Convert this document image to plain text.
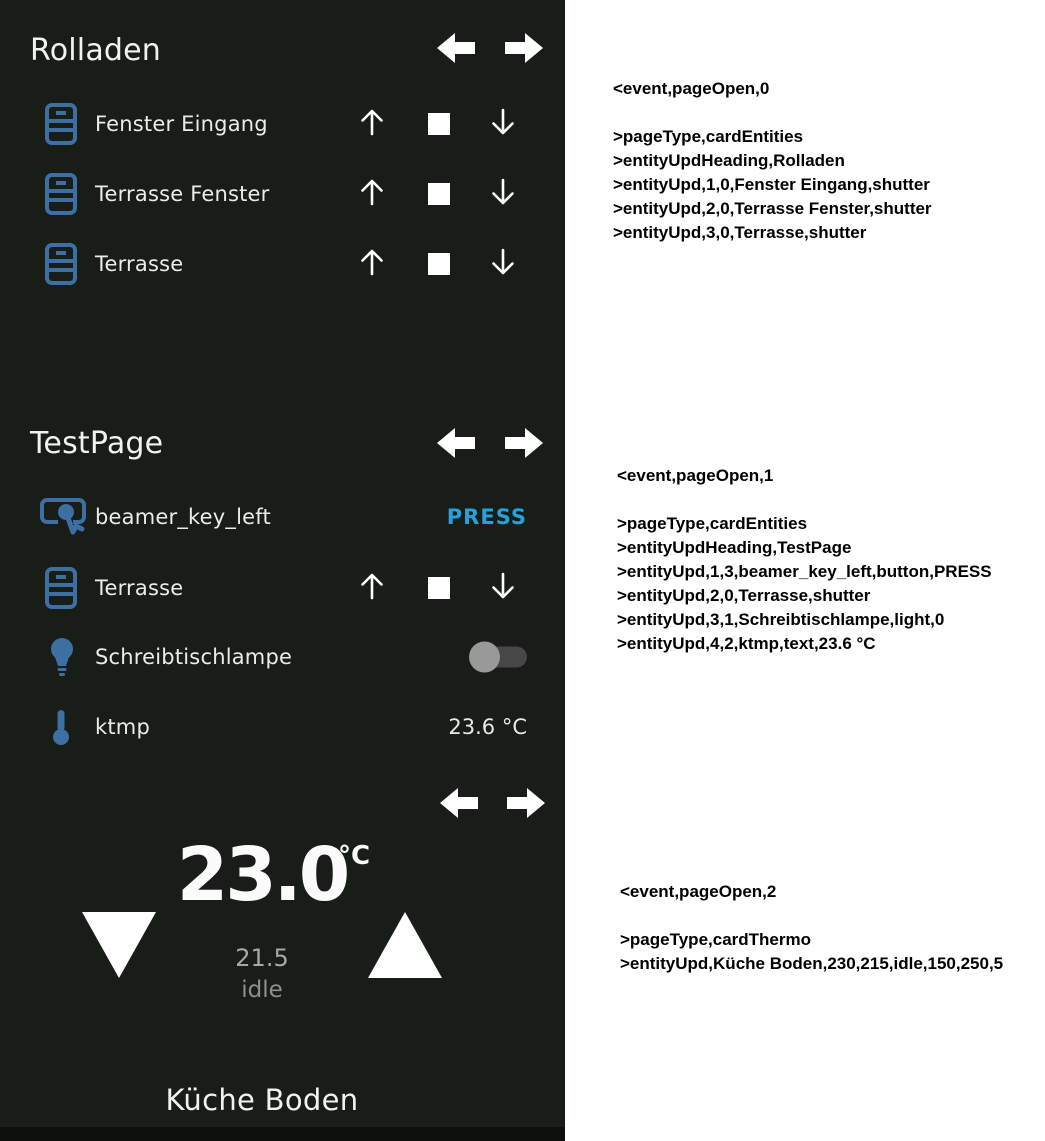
Rolladen
Fenster Eingang
Terrasse Fenster
Terrasse
TestPage
beamer_key_left	PRESS
Terrasse
Schreibtischlampe
ktmp	23.6 °C
23.0
°C
21.5
idle
Küche Boden
<event,pageOpen,0
>pageType,cardEntities
>entityUpdHeading,Rolladen
>entityUpd,1,0,Fenster Eingang,shutter
>entityUpd,2,0,Terrasse Fenster,shutter
>entityUpd,3,0,Terrasse,shutter
<event,pageOpen,1
>pageType,cardEntities
>entityUpdHeading,TestPage
>entityUpd,1,3,beamer_key_left,button,PRESS
>entityUpd,2,0,Terrasse,shutter
>entityUpd,3,1,Schreibtischlampe,light,0
>entityUpd,4,2,ktmp,text,23.6 °C
<event,pageOpen,2
>pageType,cardThermo
>entityUpd,Küche Boden,230,215,idle,150,250,5
